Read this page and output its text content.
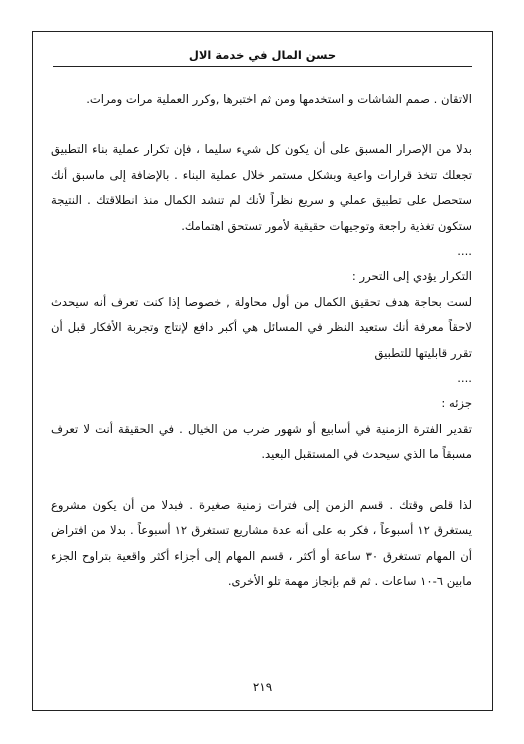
حسن المال في خدمة الال

الاتقان . صمم الشاشات و استخدمها ومن ثم اختبرها ,وكرر العملية مرات ومرات.

بدلا من الإصرار المسبق على أن يكون كل شيء سليما ، فإن تكرار عملية بناء التطبيق تجعلك تتخذ قرارات واعية وبشكل مستمر خلال عملية البناء . بالإضافة إلى ماسبق أنك ستحصل على تطبيق عملي و سريع نظراً لأنك لم تنشد الكمال منذ انطلاقتك . النتيجة ستكون تغذية راجعة وتوجيهات حقيقية لأمور تستحق اهتمامك.

....

التكرار يؤدي إلى التحرر :

لست بحاجة هدف تحقيق الكمال من أول محاولة , خصوصا إذا كنت تعرف أنه سيحدث لاحقاً معرفة أنك ستعيد النظر في المسائل هي أكبر دافع لإنتاج وتجربة الأفكار قبل أن تقرر قابليتها للتطبيق

....

جزئه :

تقدير الفترة الزمنية في أسابيع أو شهور ضرب من الخيال . في الحقيقة أنت لا تعرف مسبقاً ما الذي سيحدث في المستقبل البعيد.

لذا قلص وقتك . قسم الزمن إلى فترات زمنية صغيرة . فبدلا من أن يكون مشروع يستغرق ١٢ أسبوعاً ، فكر به على أنه عدة مشاريع تستغرق ١٢ أسبوعاً . بدلا من افتراض أن المهام تستغرق ٣٠ ساعة أو أكثر ، قسم المهام إلى أجزاء أكثر واقعية بتراوح الجزء مابين ٦-١٠ ساعات . ثم قم بإنجاز مهمة تلو الأخرى.

٢١٩
